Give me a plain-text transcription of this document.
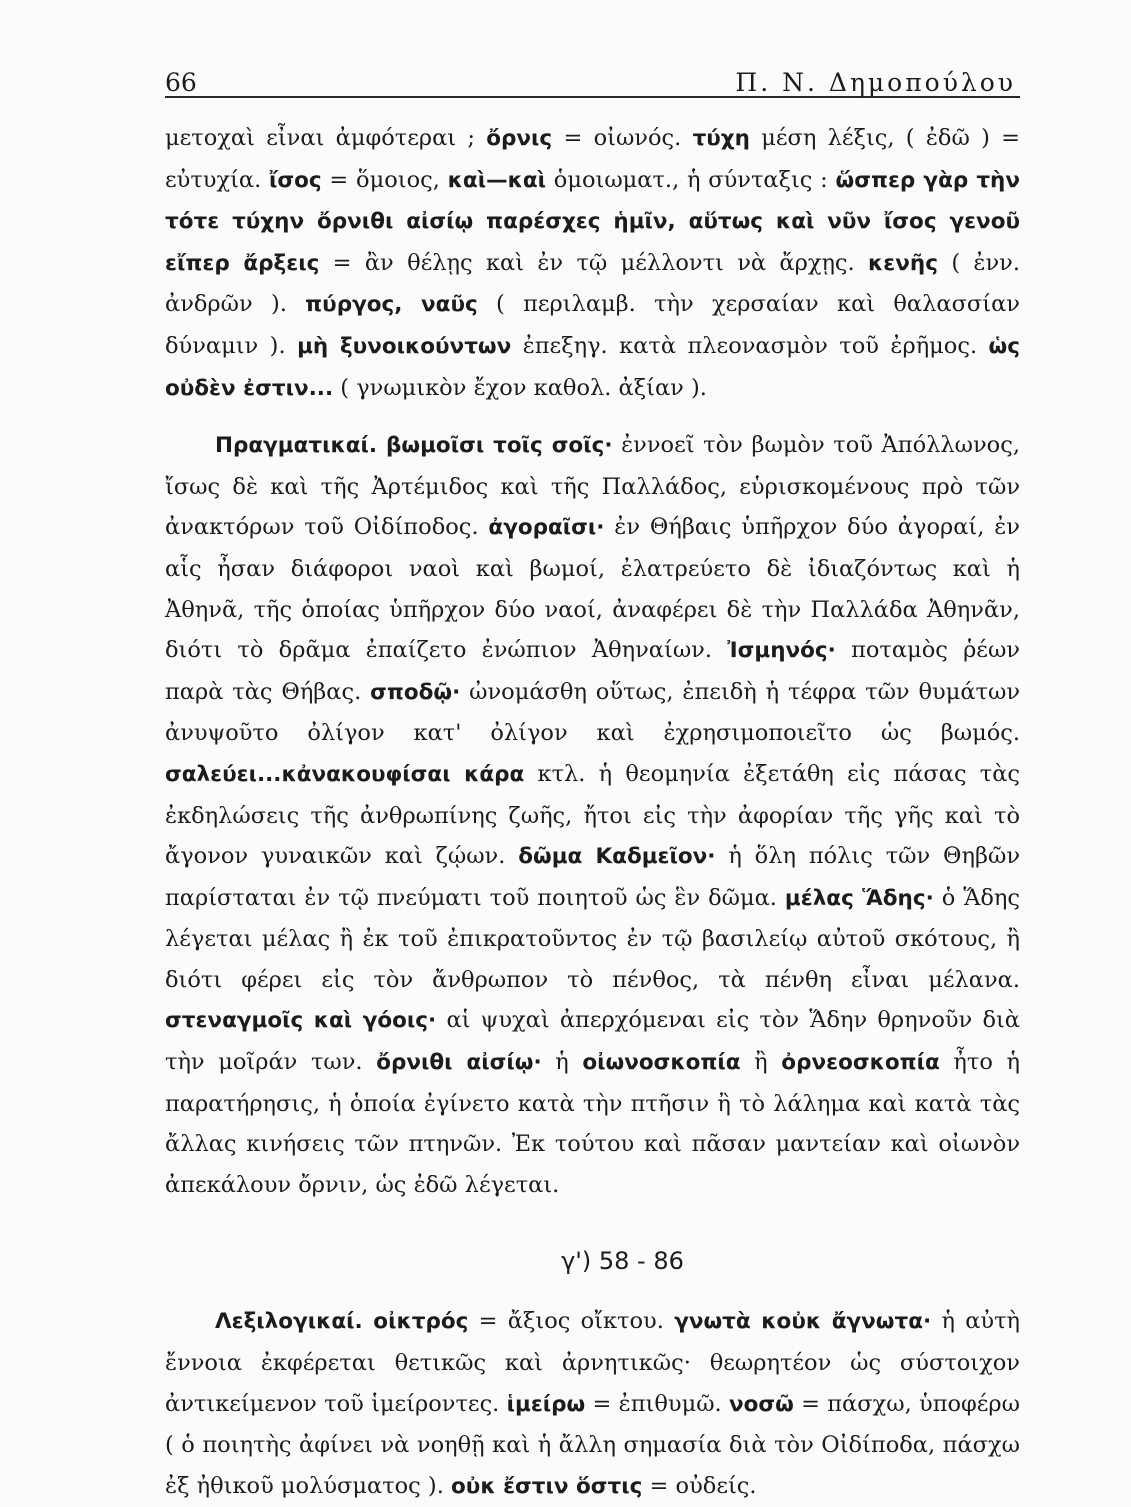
66	Π. Ν. Δημοπούλου

μετοχαὶ εἶναι ἀμφότεραι ; ὄρνις = οἰωνός. τύχη μέση λέξις, ( ἐδῶ ) = εὐτυχία. ἴσος = ὅμοιος, καὶ—καὶ ὁμοιωματ., ἡ σύνταξις : ὥσπερ γὰρ τὴν τότε τύχην ὄρνιθι αἰσίῳ παρέσχες ἡμῖν, αὕτως καὶ νῦν ἴσος γενοῦ εἴπερ ἄρξεις = ἂν θέλῃς καὶ ἐν τῷ μέλλοντι νὰ ἄρχῃς. κενῆς ( ἐνν. ἀνδρῶν ). πύργος, ναῦς ( περιλαμβ. τὴν χερσαίαν καὶ θαλασσίαν δύναμιν ). μὴ ξυνοικούντων ἐπεξηγ. κατὰ πλεονασμὸν τοῦ ἐρῆμος. ὡς οὐδὲν ἐστιν... ( γνωμικὸν ἔχον καθολ. ἀξίαν ).

Πραγματικαί. βωμοῖσι τοῖς σοῖς· ἐννοεῖ τὸν βωμὸν τοῦ Ἀπόλλωνος, ἴσως δὲ καὶ τῆς Ἀρτέμιδος καὶ τῆς Παλλάδος, εὑρισκομένους πρὸ τῶν ἀνακτόρων τοῦ Οἰδίποδος. ἀγοραῖσι· ἐν Θήβαις ὑπῆρχον δύο ἀγοραί, ἐν αἷς ἦσαν διάφοροι ναοὶ καὶ βωμοί, ἐλατρεύετο δὲ ἰδιαζόντως καὶ ἡ Ἀθηνᾶ, τῆς ὁποίας ὑπῆρχον δύο ναοί, ἀναφέρει δὲ τὴν Παλλάδα Ἀθηνᾶν, διότι τὸ δρᾶμα ἐπαίζετο ἐνώπιον Ἀθηναίων. Ἰσμηνός· ποταμὸς ῥέων παρὰ τὰς Θήβας. σποδῷ· ὠνομάσθη οὕτως, ἐπειδὴ ἡ τέφρα τῶν θυμάτων ἀνυψοῦτο ὀλίγον κατ' ὀλίγον καὶ ἐχρησιμοποιεῖτο ὡς βωμός. σαλεύει...κἀνακουφίσαι κάρα κτλ. ἡ θεομηνία ἐξετάθη εἰς πάσας τὰς ἐκδηλώσεις τῆς ἀνθρωπίνης ζωῆς, ἤτοι εἰς τὴν ἀφορίαν τῆς γῆς καὶ τὸ ἄγονον γυναικῶν καὶ ζῴων. δῶμα Καδμεῖον· ἡ ὅλη πόλις τῶν Θηβῶν παρίσταται ἐν τῷ πνεύματι τοῦ ποιητοῦ ὡς ἓν δῶμα. μέλας Ἅδης· ὁ Ἅδης λέγεται μέλας ἢ ἐκ τοῦ ἐπικρατοῦντος ἐν τῷ βασιλείῳ αὐτοῦ σκότους, ἢ διότι φέρει εἰς τὸν ἄνθρωπον τὸ πένθος, τὰ πένθη εἶναι μέλανα. στεναγμοῖς καὶ γόοις· αἱ ψυχαὶ ἀπερχόμεναι εἰς τὸν Ἅδην θρηνοῦν διὰ τὴν μοῖράν των. ὄρνιθι αἰσίῳ· ἡ οἰωνοσκοπία ἢ ὀρνεοσκοπία ἦτο ἡ παρατήρησις, ἡ ὁποία ἐγίνετο κατὰ τὴν πτῆσιν ἢ τὸ λάλημα καὶ κατὰ τὰς ἄλλας κινήσεις τῶν πτηνῶν. Ἐκ τούτου καὶ πᾶσαν μαντείαν καὶ οἰωνὸν ἀπεκάλουν ὄρνιν, ὡς ἐδῶ λέγεται.

γ') 58 - 86

Λεξιλογικαί. οἰκτρός = ἄξιος οἴκτου. γνωτὰ κοὐκ ἄγνωτα· ἡ αὐτὴ ἔννοια ἐκφέρεται θετικῶς καὶ ἀρνητικῶς· θεωρητέον ὡς σύστοιχον ἀντικείμενον τοῦ ἱμείροντες. ἱμείρω = ἐπιθυμῶ. νοσῶ = πάσχω, ὑποφέρω ( ὁ ποιητὴς ἀφίνει νὰ νοηθῇ καὶ ἡ ἄλλη σημασία διὰ τὸν Οἰδίποδα, πάσχω ἐξ ἠθικοῦ μολύσματος ). οὐκ ἔστιν ὅστις = οὐδείς.
